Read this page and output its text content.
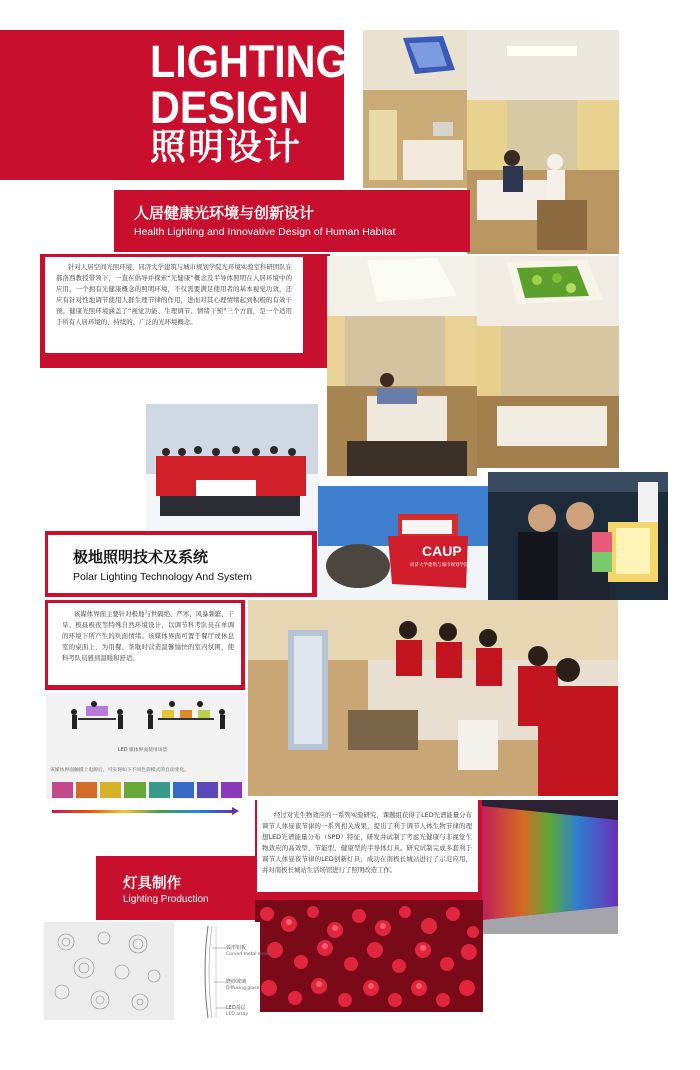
LIGHTING
DESIGN
照明设计
人居健康光环境与创新设计
Health Lighting and Innovative Design of Human Habitat
针对人居空间光照环境，同济大学建筑与城市规划学院光环境实验室科研团队在郝洛西教授带领下，一直在倡导并探索“光健康”概念及半导体照明在人居环境中的应用。一个拥有光健康概念的照明环境，不仅需要满足使用者的基本视觉功效，还应有针对性地调节使用人群生理节律的作用，进而对其心理情绪起到积极的有效干预。健康光照环境涵盖了“视觉功能、生理调节、情绪干预”三个方面，是一个适用于所有人居环境的、持续的、广泛的光环境概念。
CAUP
同济大学建筑与城市规划学院
极地照明技术及系统
Polar Lighting Technology And System
该媒体界面主要针对极地与世隔绝、严寒、风暴频繁、干旱、极昼极夜等特殊自然环境设计，以调节科考队员在单调的环境下所产生的负面情绪。该媒体界面可置于餐厅或休息室的桌面上，为用餐、茶歇时营造温馨愉快的室内氛围，使科考队员感到温暖和舒适。
LED 媒体界面使用场景
该媒体界面触摸上电源后，可实现如下不同色彩模式的自动变化。
经过对光生物效应的一系列实验研究，课题组获得了LED光谱能量分布调节人体昼夜节律的一系列相关成果，提出了利于调节人体生物节律的理想LED光谱能量分布（SPD）特征，研发并试制了考虑光健康与非视觉生物效应的高效型、节能型、健康型的半导体灯具。研究试制完成多套利于调节人体昼夜节律的LED创新灯具，成功在南极长城站进行了示范应用，并对南极长城站生活场馆进行了照明改造工作。
灯具制作
Lighting Production
弧形铝板
Curved metal sheet
磨砂玻璃
Diffusing glass
LED基层
LED array
